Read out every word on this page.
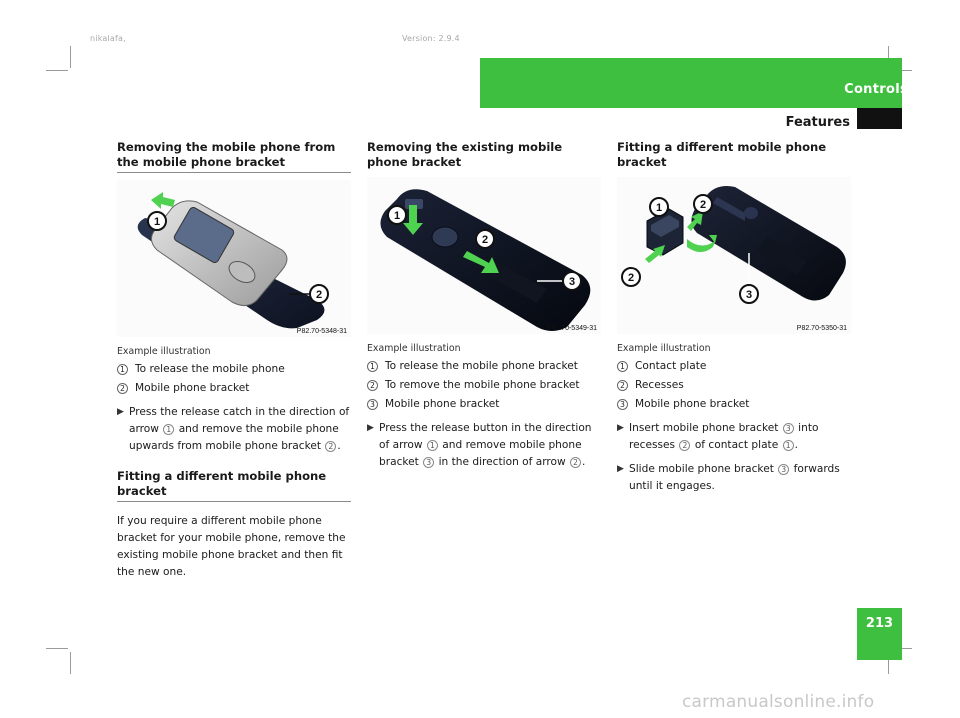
nikalafa,	Version: 2.9.4
Controls
Features
213
Removing the mobile phone from the mobile phone bracket
1
2
P82.70-5348-31
Example illustration
1 To release the mobile phone
2 Mobile phone bracket
▶ Press the release catch in the direction of arrow 1 and remove the mobile phone upwards from mobile phone bracket 2 .
Fitting a different mobile phone bracket

If you require a different mobile phone bracket for your mobile phone, remove the existing mobile phone bracket and then fit the new one.

Removing the existing mobile phone bracket
1
2
3
P82.70-5349-31
Example illustration
1 To release the mobile phone bracket
2 To remove the mobile phone bracket
3 Mobile phone bracket
▶ Press the release button in the direction of arrow 1 and remove mobile phone bracket 3 in the direction of arrow 2 .
Fitting a different mobile phone bracket
1	2
2
3
P82.70-5350-31
Example illustration
1 Contact plate
2 Recesses
3 Mobile phone bracket
▶ Insert mobile phone bracket 3 into recesses 2 of contact plate 1 .
▶ Slide mobile phone bracket 3 forwards until it engages.
carmanualsonline.info
